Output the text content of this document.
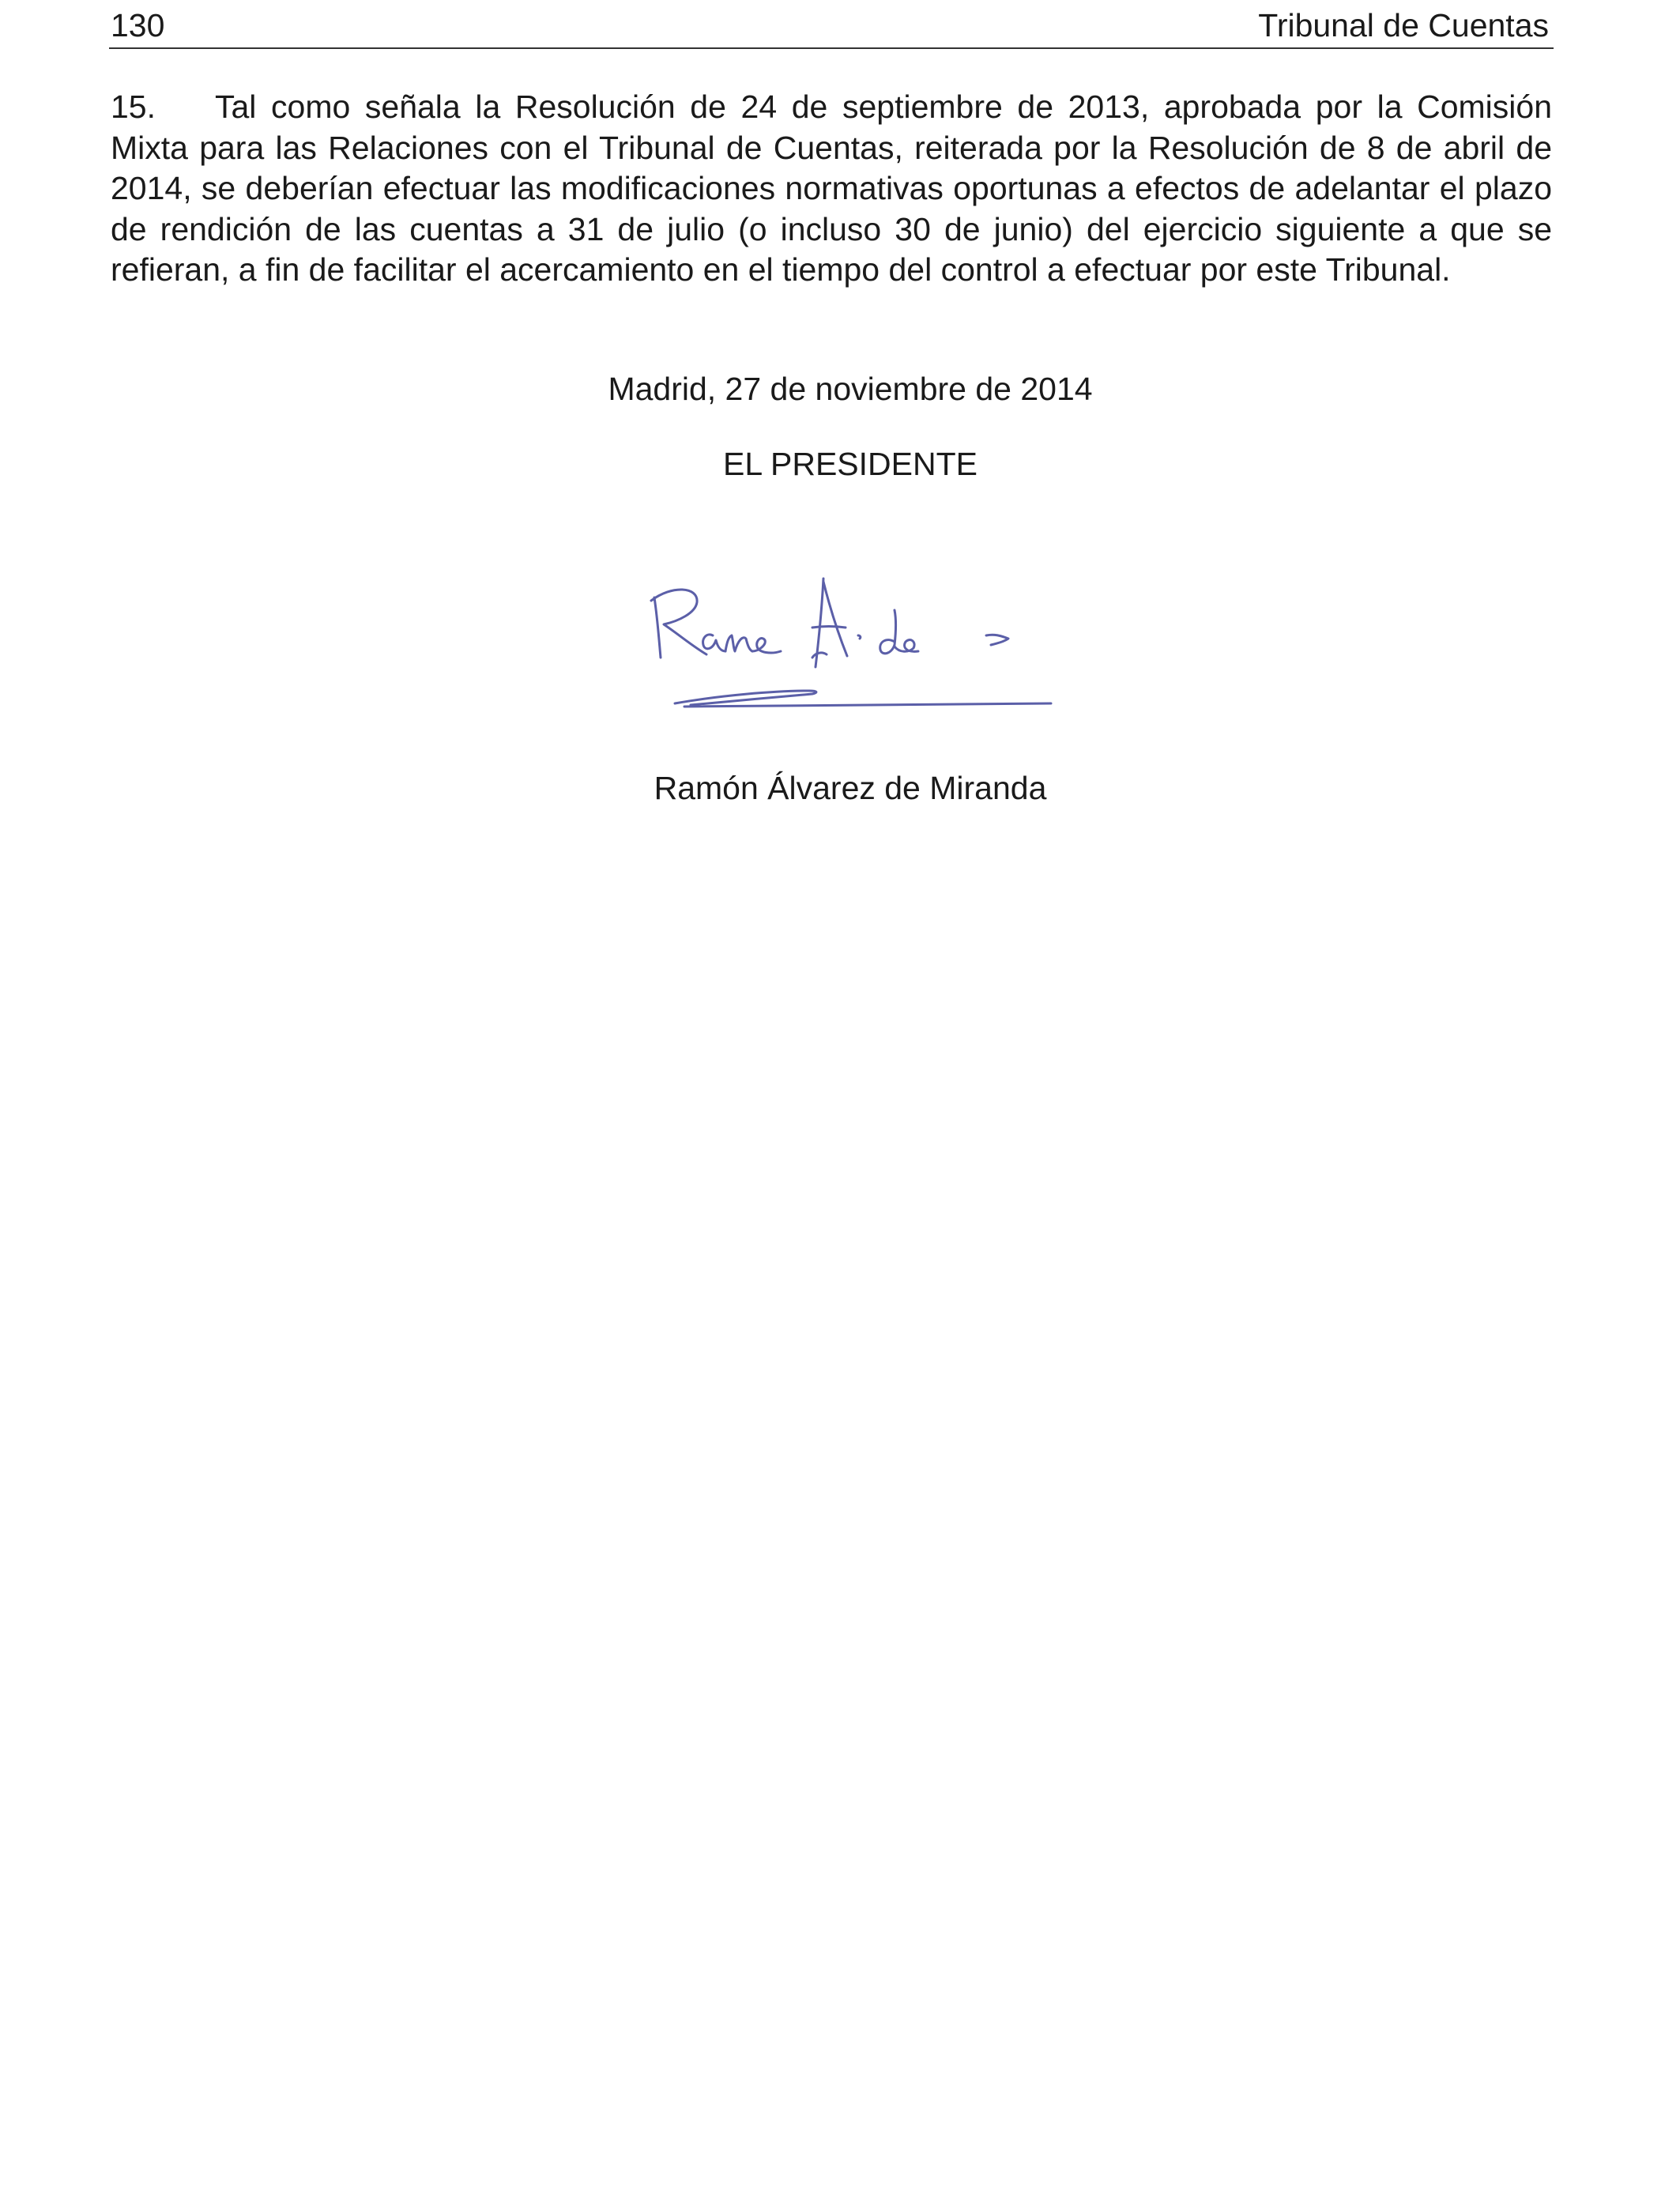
130	Tribunal de Cuentas

15. Tal como señala la Resolución de 24 de septiembre de 2013, aprobada por la Comisión Mixta para las Relaciones con el Tribunal de Cuentas, reiterada por la Resolución de 8 de abril de 2014, se deberían efectuar las modificaciones normativas oportunas a efectos de adelantar el plazo de rendición de las cuentas a 31 de julio (o incluso 30 de junio) del ejercicio siguiente a que se refieran, a fin de facilitar el acercamiento en el tiempo del control a efectuar por este Tribunal.

Madrid, 27 de noviembre de 2014
EL PRESIDENTE
Ramón Álvarez de Miranda
